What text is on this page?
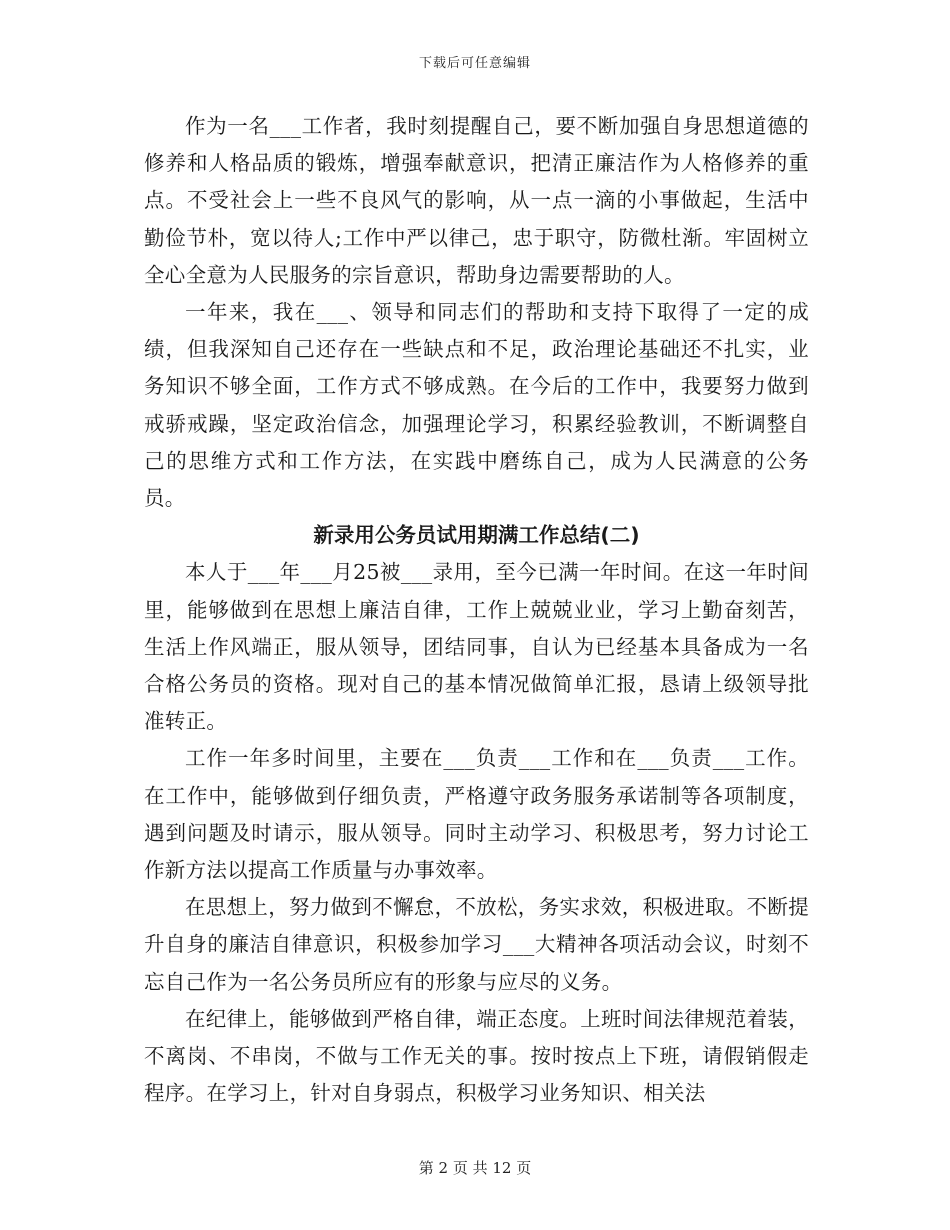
下载后可任意编辑

作为一名___工作者，我时刻提醒自己，要不断加强自身思想道德的修养和人格品质的锻炼，增强奉献意识，把清正廉洁作为人格修养的重点。不受社会上一些不良风气的影响，从一点一滴的小事做起，生活中勤俭节朴，宽以待人;工作中严以律己，忠于职守，防微杜渐。牢固树立全心全意为人民服务的宗旨意识，帮助身边需要帮助的人。

一年来，我在___、领导和同志们的帮助和支持下取得了一定的成绩，但我深知自己还存在一些缺点和不足，政治理论基础还不扎实，业务知识不够全面，工作方式不够成熟。在今后的工作中，我要努力做到戒骄戒躁，坚定政治信念，加强理论学习，积累经验教训，不断调整自己的思维方式和工作方法，在实践中磨练自己，成为人民满意的公务员。

新录用公务员试用期满工作总结(二)

本人于___年___月25被___录用，至今已满一年时间。在这一年时间里，能够做到在思想上廉洁自律，工作上兢兢业业，学习上勤奋刻苦，生活上作风端正，服从领导，团结同事，自认为已经基本具备成为一名合格公务员的资格。现对自己的基本情况做简单汇报，恳请上级领导批准转正。

工作一年多时间里，主要在___负责___工作和在___负责___工作。在工作中，能够做到仔细负责，严格遵守政务服务承诺制等各项制度，遇到问题及时请示，服从领导。同时主动学习、积极思考，努力讨论工作新方法以提高工作质量与办事效率。

在思想上，努力做到不懈怠，不放松，务实求效，积极进取。不断提升自身的廉洁自律意识，积极参加学习___大精神各项活动会议，时刻不忘自己作为一名公务员所应有的形象与应尽的义务。

在纪律上，能够做到严格自律，端正态度。上班时间法律规范着装，不离岗、不串岗，不做与工作无关的事。按时按点上下班，请假销假走程序。在学习上，针对自身弱点，积极学习业务知识、相关法

第 2 页 共 12 页
